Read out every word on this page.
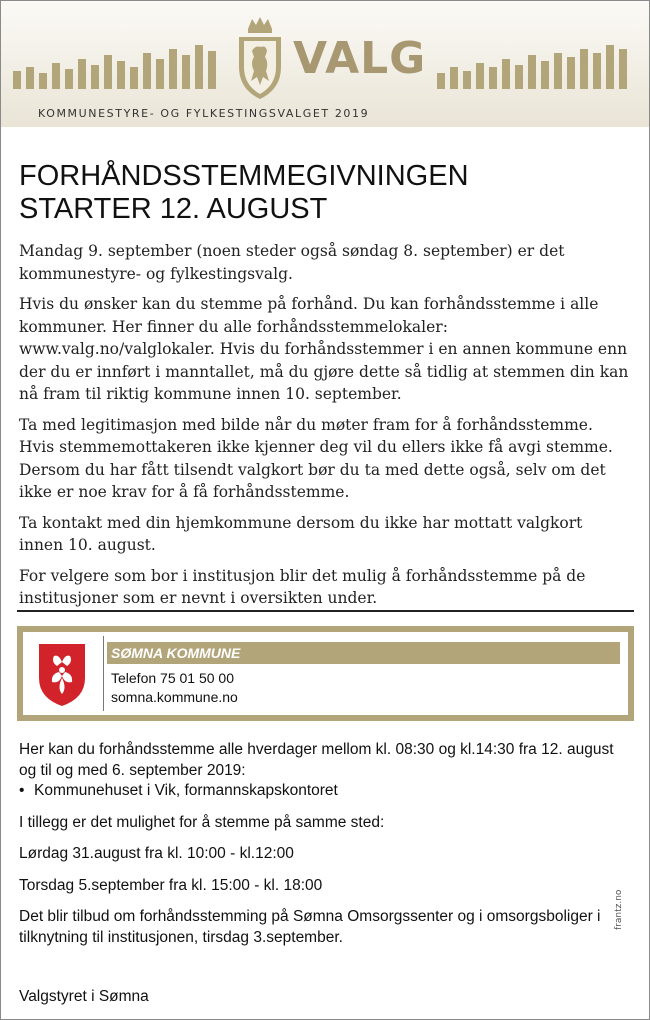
VALG
KOMMUNESTYRE- OG FYLKESTINGSVALGET 2019
FORHÅNDSSTEMMEGIVNINGEN
STARTER 12. AUGUST

Mandag 9. september (noen steder også søndag 8. september) er det kommunestyre- og fylkestingsvalg.

Hvis du ønsker kan du stemme på forhånd. Du kan forhåndsstemme i alle kommuner. Her finner du alle forhåndsstemmelokaler: www.valg.no/valglokaler. Hvis du forhåndsstemmer i en annen kommune enn der du er innført i manntallet, må du gjøre dette så tidlig at stemmen din kan nå fram til riktig kommune innen 10. september.

Ta med legitimasjon med bilde når du møter fram for å forhåndsstemme. Hvis stemmemottakeren ikke kjenner deg vil du ellers ikke få avgi stemme. Dersom du har fått tilsendt valgkort bør du ta med dette også, selv om det ikke er noe krav for å få forhåndsstemme.

Ta kontakt med din hjemkommune dersom du ikke har mottatt valgkort innen 10. august.

For velgere som bor i institusjon blir det mulig å forhåndsstemme på de institusjoner som er nevnt i oversikten under.

SØMNA KOMMUNE
Telefon 75 01 50 00
somna.kommune.no

Her kan du forhåndsstemme alle hverdager mellom kl. 08:30 og kl.14:30 fra 12. august og til og med 6. september 2019:

• Kommunehuset i Vik, formannskapskontoret

I tillegg er det mulighet for å stemme på samme sted:

Lørdag 31.august fra kl. 10:00 - kl.12:00

Torsdag 5.september fra kl. 15:00 - kl. 18:00

Det blir tilbud om forhåndsstemming på Sømna Omsorgssenter og i omsorgsboliger i tilknytning til institusjonen, tirsdag 3.september.

Valgstyret i Sømna
frantz.no
